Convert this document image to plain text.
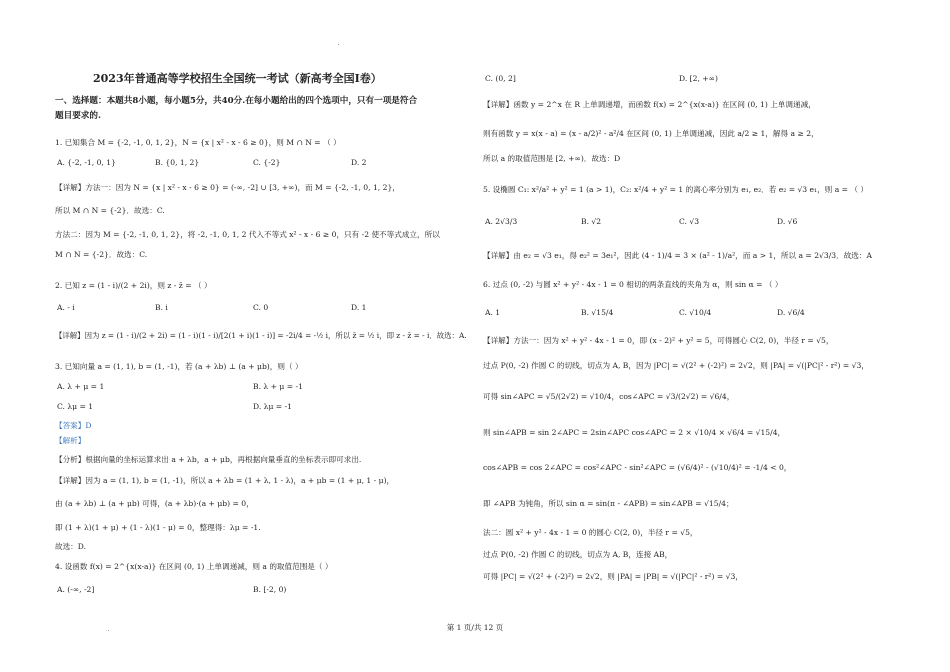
2023年普通高等学校招生全国统一考试（新高考全国Ⅰ卷）
一、选择题：本题共8小题，每小题5分，共40分.在每小题给出的四个选项中，只有一项是符合
题目要求的.
1. 已知集合 M = {-2, -1, 0, 1, 2}，N = {x | x² - x - 6 ≥ 0}，则 M ∩ N = （ ）
A. {-2, -1, 0, 1}	B. {0, 1, 2}	C. {-2}	D. 2
【详解】方法一：因为 N = {x | x² - x - 6 ≥ 0} = (-∞, -2] ∪ [3, +∞)，而 M = {-2, -1, 0, 1, 2}，
所以 M ∩ N = {-2}．故选：C.
方法二：因为 M = {-2, -1, 0, 1, 2}，将 -2, -1, 0, 1, 2 代入不等式 x² - x - 6 ≥ 0，只有 -2 使不等式成立，所以
M ∩ N = {-2}．故选：C.
2. 已知 z = (1 - i)/(2 + 2i)，则 z - z̄ = （ ）
A. - i	B. i	C. 0	D. 1
【详解】因为 z = (1 - i)/(2 + 2i) = (1 - i)(1 - i)/[2(1 + i)(1 - i)] = -2i/4 = -½ i，所以 z̄ = ½ i，即 z - z̄ = - i．故选：A.
3. 已知向量 a = (1, 1), b = (1, -1)，若 (a + λb) ⊥ (a + μb)，则（ ）
A. λ + μ = 1	B. λ + μ = -1
C. λμ = 1	D. λμ = -1
【答案】D
【解析】
【分析】根据向量的坐标运算求出 a + λb，a + μb，再根据向量垂直的坐标表示即可求出.
【详解】因为 a = (1, 1), b = (1, -1)，所以 a + λb = (1 + λ, 1 - λ)，a + μb = (1 + μ, 1 - μ)，
由 (a + λb) ⊥ (a + μb) 可得，(a + λb)·(a + μb) = 0，
即 (1 + λ)(1 + μ) + (1 - λ)(1 - μ) = 0，整理得：λμ = -1.
故选：D.
4. 设函数 f(x) = 2^{x(x-a)} 在区间 (0, 1) 上单调递减，则 a 的取值范围是（ ）
A. (-∞, -2]	B. [-2, 0)
C. (0, 2]	D. [2, +∞)
【详解】函数 y = 2^x 在 R 上单调递增，而函数 f(x) = 2^{x(x-a)} 在区间 (0, 1) 上单调递减，
则有函数 y = x(x - a) = (x - a/2)² - a²/4 在区间 (0, 1) 上单调递减，因此 a/2 ≥ 1，解得 a ≥ 2，
所以 a 的取值范围是 [2, +∞)．故选：D
5. 设椭圆 C₁: x²/a² + y² = 1 (a > 1)，C₂: x²/4 + y² = 1 的离心率分别为 e₁, e₂．若 e₂ = √3 e₁，则 a = （ ）
A. 2√3/3	B. √2	C. √3	D. √6
【详解】由 e₂ = √3 e₁，得 e₂² = 3e₁²，因此 (4 - 1)/4 = 3 × (a² - 1)/a²，而 a > 1，所以 a = 2√3/3．故选：A
6. 过点 (0, -2) 与圆 x² + y² - 4x - 1 = 0 相切的两条直线的夹角为 α，则 sin α = （ ）
A. 1	B. √15/4	C. √10/4	D. √6/4
【详解】方法一：因为 x² + y² - 4x - 1 = 0，即 (x - 2)² + y² = 5，可得圆心 C(2, 0)，半径 r = √5，
过点 P(0, -2) 作圆 C 的切线，切点为 A, B，因为 |PC| = √(2² + (-2)²) = 2√2，则 |PA| = √(|PC|² - r²) = √3，
可得 sin∠APC = √5/(2√2) = √10/4，cos∠APC = √3/(2√2) = √6/4，
则 sin∠APB = sin 2∠APC = 2sin∠APC cos∠APC = 2 × √10/4 × √6/4 = √15/4，
cos∠APB = cos 2∠APC = cos²∠APC - sin²∠APC = (√6/4)² - (√10/4)² = -1/4 < 0，
即 ∠APB 为钝角，所以 sin α = sin(π - ∠APB) = sin∠APB = √15/4；
法二：圆 x² + y² - 4x - 1 = 0 的圆心 C(2, 0)，半径 r = √5，
过点 P(0, -2) 作圆 C 的切线，切点为 A, B，连接 AB，
可得 |PC| = √(2² + (-2)²) = 2√2，则 |PA| = |PB| = √(|PC|² - r²) = √3，
第 1 页/共 12 页
